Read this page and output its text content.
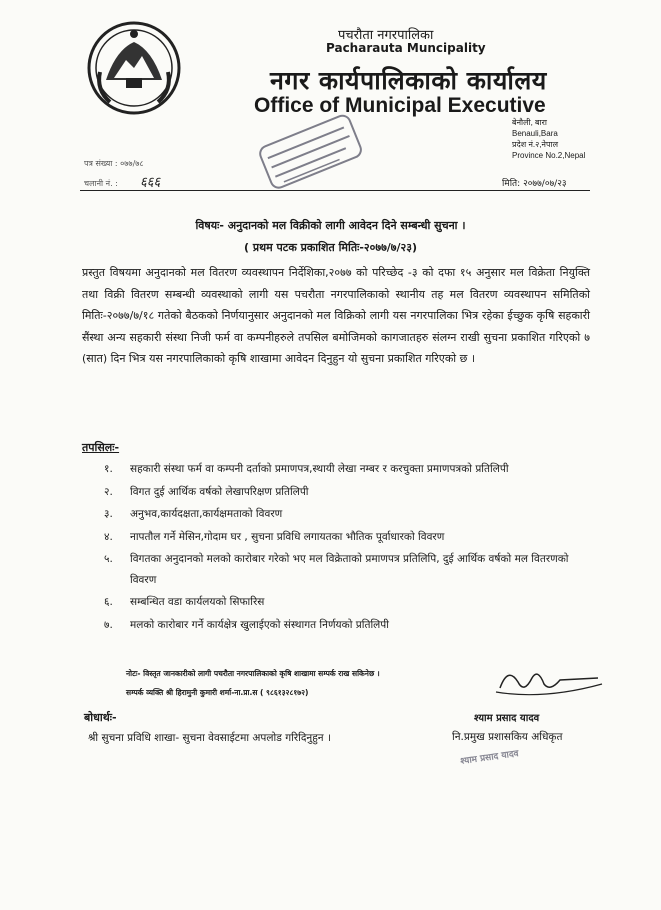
पचरौता नगरपालिका
Pacharauta Muncipality
नगर कार्यपालिकाको कार्यालय
Office of Municipal Executive
बेनौली, बारा
Benauli,Bara
प्रदेश नं.२,नेपाल
Province No.2,Nepal
पत्र संख्या : ०७७/७८
चलानी नं. : ६६६	मिति: २०७७/०७/२३
विषयः- अनुदानको मल विक्रीको लागी आवेदन दिने सम्बन्धी सुचना ।
( प्रथम पटक प्रकाशित मितिः-२०७७/७/२३)
प्रस्तुत विषयमा अनुदानको मल वितरण व्यवस्थापन निर्देशिका,२०७७ को परिच्छेद -३ को दफा १५ अनुसार मल विक्रेता नियुक्ति तथा विक्री वितरण सम्बन्धी व्यवस्थाको लागी यस पचरौता नगरपालिकाको स्थानीय तह मल वितरण व्यवस्थापन समितिको मितिः-२०७७/७/१८ गतेको बैठकको निर्णयानुसार अनुदानको मल विक्रिको लागी यस नगरपालिका भित्र रहेका ईच्छुक कृषि सहकारी सैंस्था अन्य सहकारी संस्था निजी फर्म वा कम्पनीहरुले तपसिल बमोजिमको कागजातहरु संलग्न राखी सुचना प्रकाशित गरिएको ७ (सात) दिन भित्र यस नगरपालिकाको कृषि शाखामा आवेदन दिनुहुन यो सुचना प्रकाशित गरिएको छ ।
तपसिलः-
१. सहकारी संस्था फर्म वा कम्पनी दर्ताको प्रमाणपत्र,स्थायी लेखा नम्बर र करचुक्ता प्रमाणपत्रको प्रतिलिपी
२. विगत दुई आर्थिक वर्षको लेखापरिक्षण प्रतिलिपी
३. अनुभव,कार्यदक्षता,कार्यक्षमताको विवरण
४. नापतौल गर्ने मेसिन,गोदाम घर , सुचना प्रविधि लगायतका भौतिक पूर्वाधारको विवरण
५. विगतका अनुदानको मलको कारोबार गरेको भए मल विक्रेताको प्रमाणपत्र प्रतिलिपि, दुई आर्थिक वर्षको मल वितरणको विवरण
६. सम्बन्धित वडा कार्यलयको सिफारिस
७. मलको कारोबार गर्ने कार्यक्षेत्र खुलाईएको संस्थागत निर्णयको प्रतिलिपी
नोटः- विस्तृत जानकारीको लागी पचरौता नगरपालिकाको कृषि शाखामा सम्पर्क राख सकिनेछ ।
सम्पर्क व्यक्ति श्री हिरामुनी कुमारी शर्मा-ना.प्रा.स ( ९८६१३२८१७२)
बोधार्थः-
श्री सुचना प्रविधि शाखा- सुचना वेवसाईटमा अपलोड गरिदिनुहुन ।
श्याम प्रसाद यादव
नि.प्रमुख प्रशासकिय अधिकृत
श्याम प्रसाद यादव
